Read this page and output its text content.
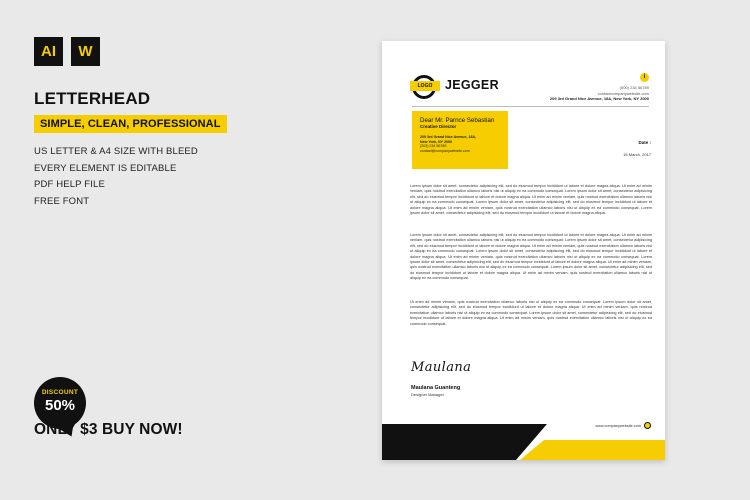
AI	W
LETTERHEAD
SIMPLE, CLEAN, PROFESSIONAL
US LETTER & A4 SIZE WITH BLEED
EVERY ELEMENT IS EDITABLE
PDF HELP FILE
FREE FONT
DISCOUNT
50%
ONLY $3 BUY NOW!
LOGO	JEGGER
i
(000) 234 56789
contactcompanywebsite.com
209 3rd Grand Nice Avenue, 18A, New York, NY 2000
Dear Mr. Parnce Sebastian
Creative Director
209 3rd Grand Nice Avenue, 18A,
New York, NY 2000
(203) 234 56789
contact@companywebsite.com
Date :
15 March, 2017
Lorem ipsum dolor sit amet, consectetur adipisicing elit, sed do eiusmod tempor incididunt ut labore et dolore magna aliqua. Ut enim ad minim veniam, quis nostrud exercitation ullamco laboris nisi ut aliquip ex ea commodo consequat. Lorem ipsum dolor sit amet, consectetur adipisicing elit, sed do eiusmod tempor incididunt ut labore et dolore magna aliqua. Ut enim ad minim veniam, quis nostrud exercitation ullamco laboris nisi ut aliquip ex ea commodo consequat. Lorem ipsum dolor sit amet, consectetur adipisicing elit, sed do eiusmod tempor incididunt ut labore et dolore magna aliqua. Ut enim ad minim veniam, quis nostrud exercitation ullamco laboris nisi ut aliquip ex ea commodo consequat. Lorem ipsum dolor sit amet, consectetur adipisicing elit, sed do eiusmod tempor incididunt ut labore et dolore magna aliqua.
Lorem ipsum dolor sit amet, consectetur adipisicing elit, sed do eiusmod tempor incididunt ut labore et dolore magna aliqua. Ut enim ad minim veniam, quis nostrud exercitation ullamco laboris nisi ut aliquip ex ea commodo consequat. Lorem ipsum dolor sit amet, consectetur adipisicing elit, sed do eiusmod tempor incididunt ut labore et dolore magna aliqua. Ut enim ad minim veniam, quis nostrud exercitation ullamco laboris nisi ut aliquip ex ea commodo consequat. Lorem ipsum dolor sit amet, consectetur adipisicing elit, sed do eiusmod tempor incididunt ut labore et dolore magna aliqua. Ut enim ad minim veniam, quis nostrud exercitation ullamco laboris nisi ut aliquip ex ea commodo consequat. Lorem ipsum dolor sit amet, consectetur adipisicing elit, sed do eiusmod tempor incididunt ut labore et dolore magna aliqua. Ut enim ad minim veniam, quis nostrud exercitation ullamco laboris nisi ut aliquip ex ea commodo consequat. Lorem ipsum dolor sit amet, consectetur adipisicing elit, sed do eiusmod tempor incididunt ut labore et dolore magna aliqua. Ut enim ad minim veniam, quis nostrud exercitation ullamco laboris nisi ut aliquip ex ea commodo consequat.
Ut enim ad minim veniam, quis nostrud exercitation ullamco laboris nisi ut aliquip ex ea commodo consequat. Lorem ipsum dolor sit amet, consectetur adipisicing elit, sed do eiusmod tempor incididunt ut labore et dolore magna aliqua. Ut enim ad minim veniam, quis nostrud exercitation ullamco laboris nisi ut aliquip ex ea commodo consequat. Lorem ipsum dolor sit amet, consectetur adipisicing elit, sed do eiusmod tempor incididunt ut labore et dolore magna aliqua. Ut enim ad minim veniam, quis nostrud exercitation ullamco laboris nisi ut aliquip ex ea commodo consequat.
Maulana
Maulana Guanteng
Designer Manager
www.companywebsite.com
